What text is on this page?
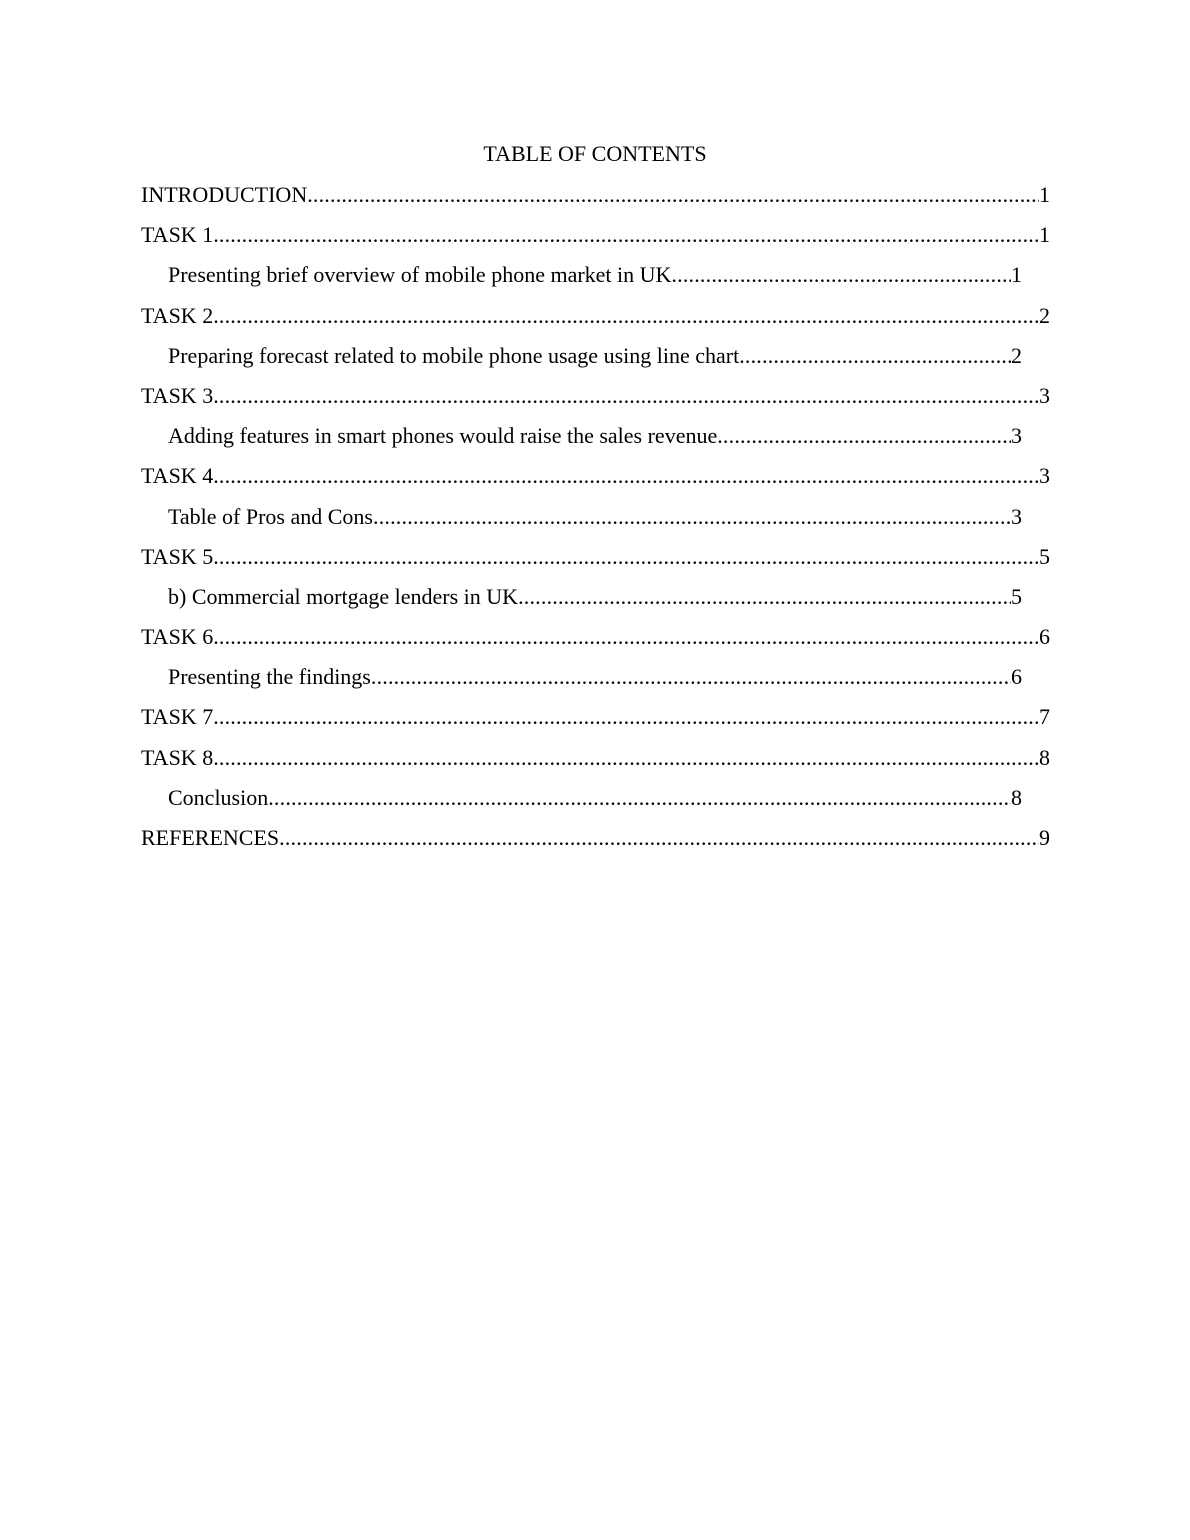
TABLE OF CONTENTS
INTRODUCTION .....	1
TASK 1 .....	1
Presenting brief overview of mobile phone market in UK .....	1
TASK 2 .....	2
Preparing forecast related to mobile phone usage using line chart .....	2
TASK 3 .....	3
Adding features in smart phones would raise the sales revenue .....	3
TASK 4 .....	3
Table of Pros and Cons .....	3
TASK 5 .....	5
b) Commercial mortgage lenders in UK .....	5
TASK 6 .....	6
Presenting the findings .....	6
TASK 7 .....	7
TASK 8 .....	8
Conclusion .....	8
REFERENCES .....	9
